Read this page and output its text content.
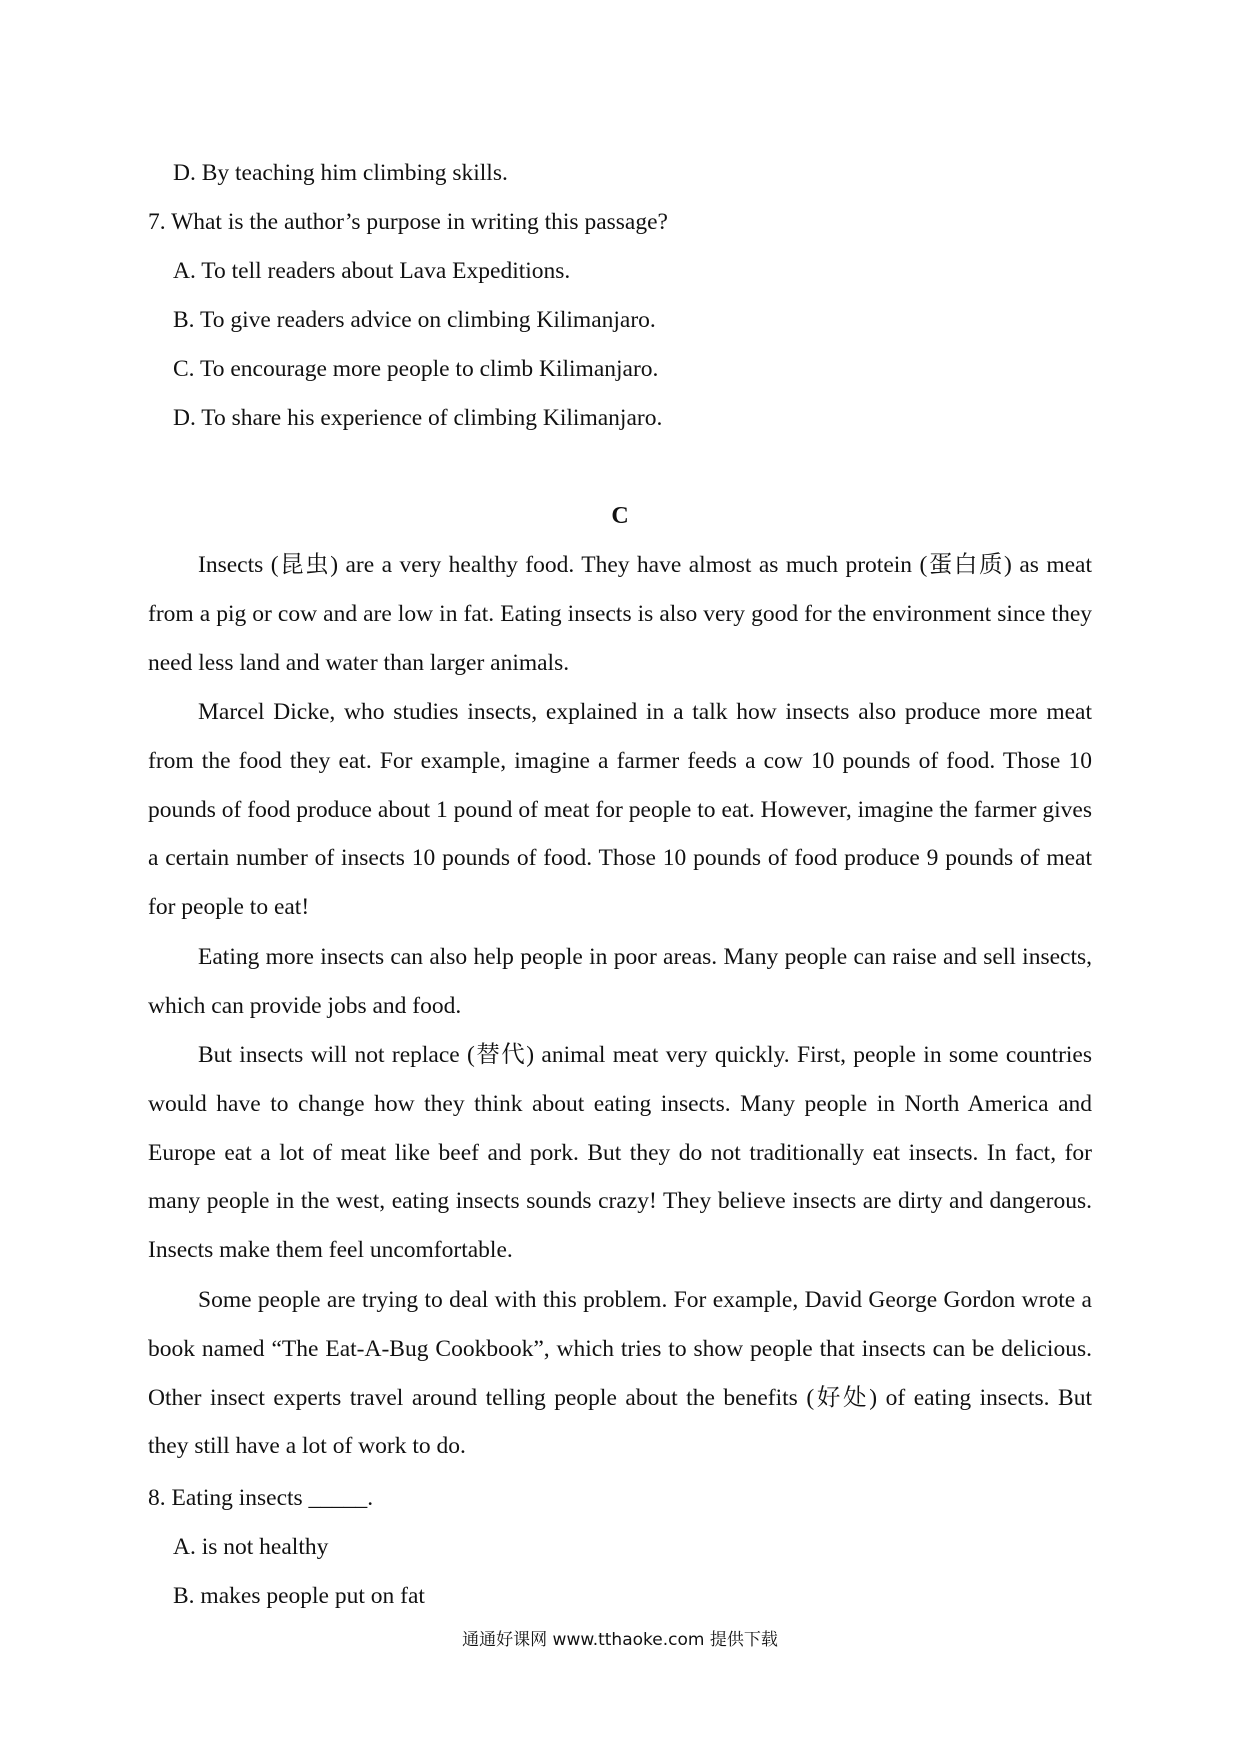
D. By teaching him climbing skills.
7. What is the author’s purpose in writing this passage?
A. To tell readers about Lava Expeditions.
B. To give readers advice on climbing Kilimanjaro.
C. To encourage more people to climb Kilimanjaro.
D. To share his experience of climbing Kilimanjaro.
C
Insects (昆虫) are a very healthy food. They have almost as much protein (蛋白质) as meat from a pig or cow and are low in fat. Eating insects is also very good for the environment since they need less land and water than larger animals.
Marcel Dicke, who studies insects, explained in a talk how insects also produce more meat from the food they eat. For example, imagine a farmer feeds a cow 10 pounds of food. Those 10 pounds of food produce about 1 pound of meat for people to eat. However, imagine the farmer gives a certain number of insects 10 pounds of food. Those 10 pounds of food produce 9 pounds of meat for people to eat!
Eating more insects can also help people in poor areas. Many people can raise and sell insects, which can provide jobs and food.
But insects will not replace (替代) animal meat very quickly. First, people in some countries would have to change how they think about eating insects. Many people in North America and Europe eat a lot of meat like beef and pork. But they do not traditionally eat insects. In fact, for many people in the west, eating insects sounds crazy! They believe insects are dirty and dangerous. Insects make them feel uncomfortable.
Some people are trying to deal with this problem. For example, David George Gordon wrote a book named “The Eat-A-Bug Cookbook”, which tries to show people that insects can be delicious. Other insect experts travel around telling people about the benefits (好处) of eating insects. But they still have a lot of work to do.
8. Eating insects _____.
A. is not healthy
B. makes people put on fat
通通好课网 www.tthaoke.com 提供下载
